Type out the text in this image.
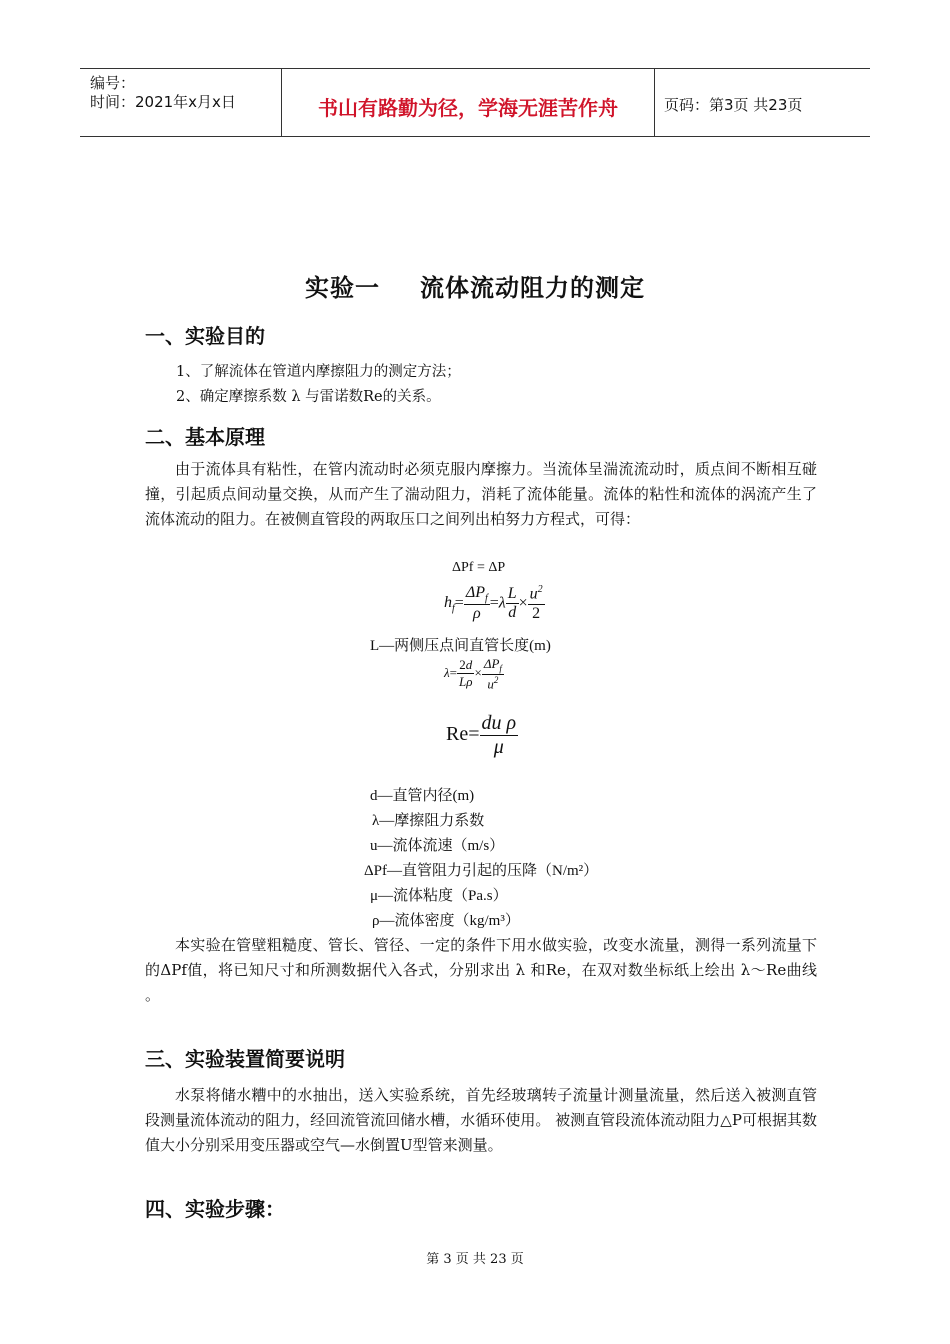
编号：
时间：2021年x月x日	书山有路勤为径，学海无涯苦作舟	页码：第3页 共23页
实验一 流体流动阻力的测定
一、实验目的
1、了解流体在管道内摩擦阻力的测定方法；
2、确定摩擦系数 λ 与雷诺数Re的关系。
二、基本原理
由于流体具有粘性，在管内流动时必须克服内摩擦力。当流体呈湍流流动时，质点间不断相互碰撞，引起质点间动量交换，从而产生了湍动阻力，消耗了流体能量。流体的粘性和流体的涡流产生了流体流动的阻力。在被侧直管段的两取压口之间列出柏努力方程式，可得：
ΔPf = ΔP
$h_f= \frac{\Delta P_f}{\rho} =\lambda \frac{L}{d} \times \frac{u^2}{2}$
L—两侧压点间直管长度(m)
$\lambda= \frac{2d}{L\rho} \times \frac{\Delta P_f}{u^2}$
$Re= \frac{\text{du ρ}}{\mu}$
d—直管内径(m)
λ—摩擦阻力系数
u—流体流速（m/s）
ΔPf—直管阻力引起的压降（N/m²）
μ—流体粘度（Pa.s）
ρ—流体密度（kg/m³）
本实验在管壁粗糙度、管长、管径、一定的条件下用水做实验，改变水流量，测得一系列流量下的ΔPf值，将已知尺寸和所测数据代入各式，分别求出 λ 和Re，在双对数坐标纸上绘出 λ～Re曲线 。
三、实验装置简要说明
水泵将储水糟中的水抽出，送入实验系统，首先经玻璃转子流量计测量流量，然后送入被测直管段测量流体流动的阻力，经回流管流回储水槽，水循环使用。 被测直管段流体流动阻力△P可根据其数值大小分别采用变压器或空气—水倒置U型管来测量。
四、实验步骤：
第 3 页 共 23 页
